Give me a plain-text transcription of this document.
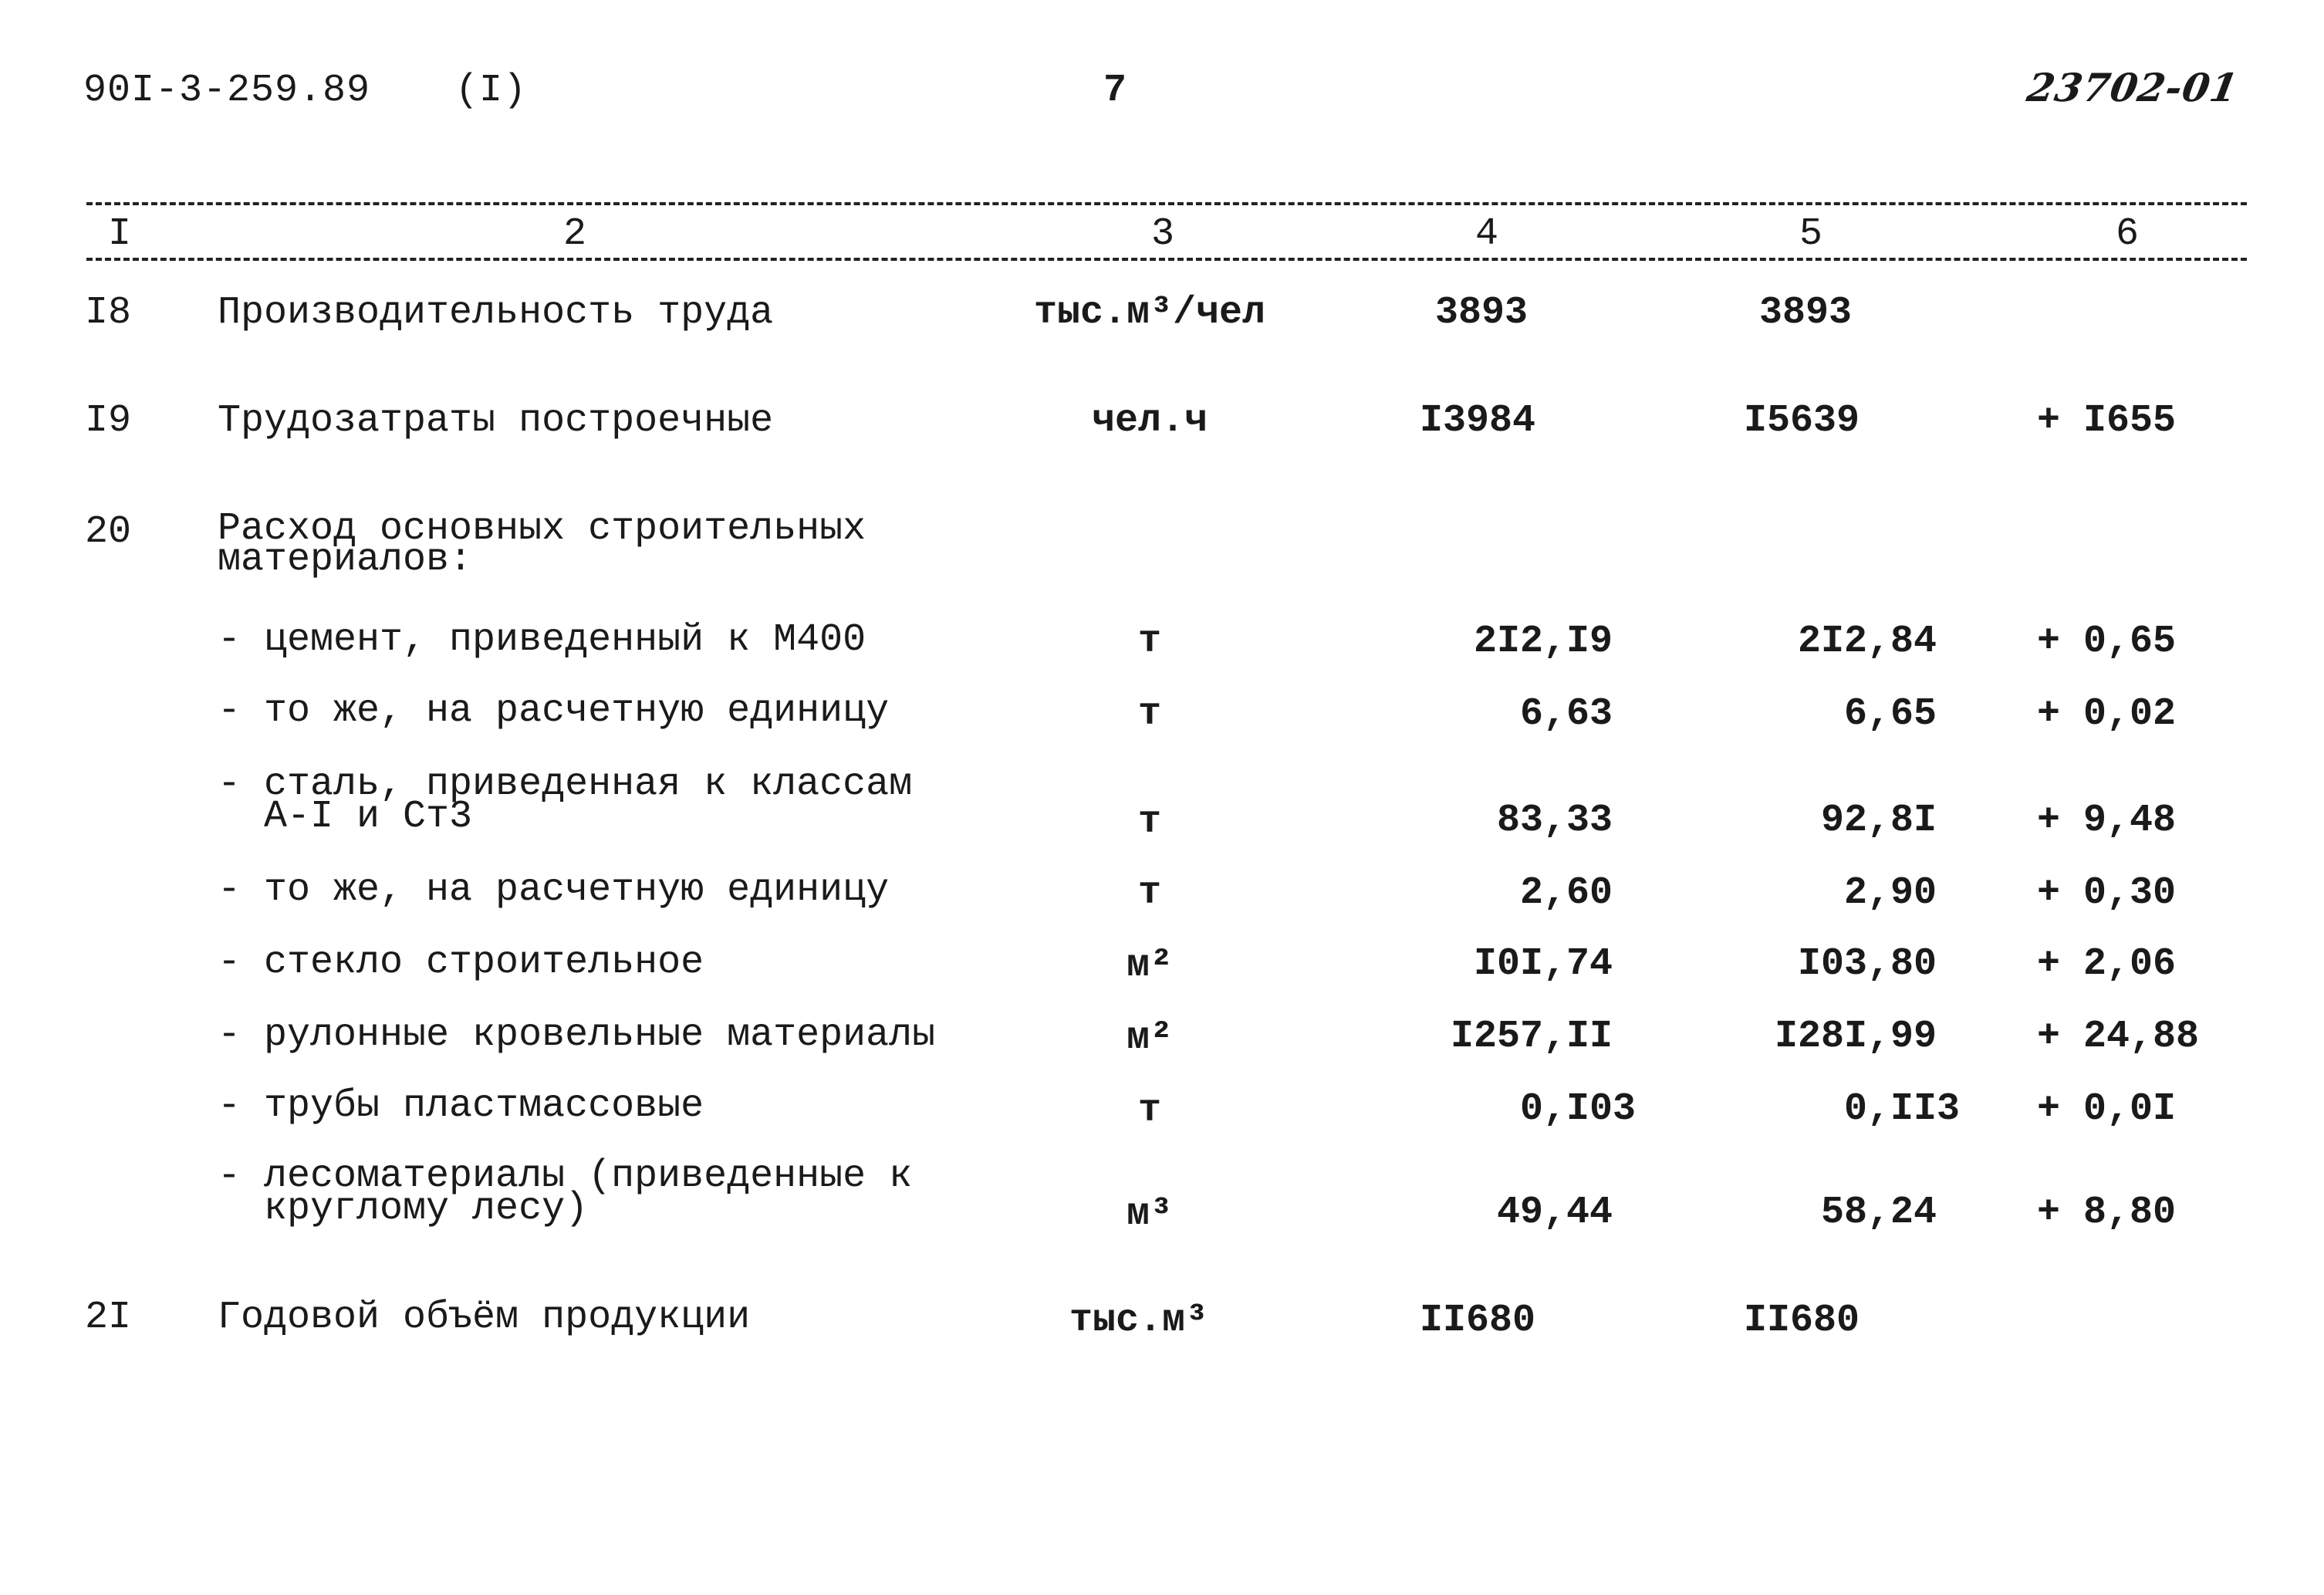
90I-3-259.89 (I)	7	23702-01
I	2	3	4	5	6
I8 Производительность труда	тыс.м³/чел	3893	3893
I9 Трудозатраты построечные	чел.ч	I3984	I5639	+ I655
20 Расход основных строительных
материалов:
- цемент, приведенный к М400	т	2I2,I9	2I2,84	+ 0,65
- то же, на расчетную единицу	т	6,63	6,65	+ 0,02
- сталь, приведенная к классам
А-I и Ст3	т	83,33	92,8I	+ 9,48
- то же, на расчетную единицу	т	2,60	2,90	+ 0,30
- стекло строительное	м²	I0I,74	I03,80	+ 2,06
- рулонные кровельные материалы	м²	I257,II	I28I,99	+ 24,88
- трубы пластмассовые	т	0,I03	0,II3 + 0,0I
- лесоматериалы (приведенные к
круглому лесу)	м³	49,44	58,24	+ 8,80
2I Годовой объём продукции	тыс.м³	II680	II680
